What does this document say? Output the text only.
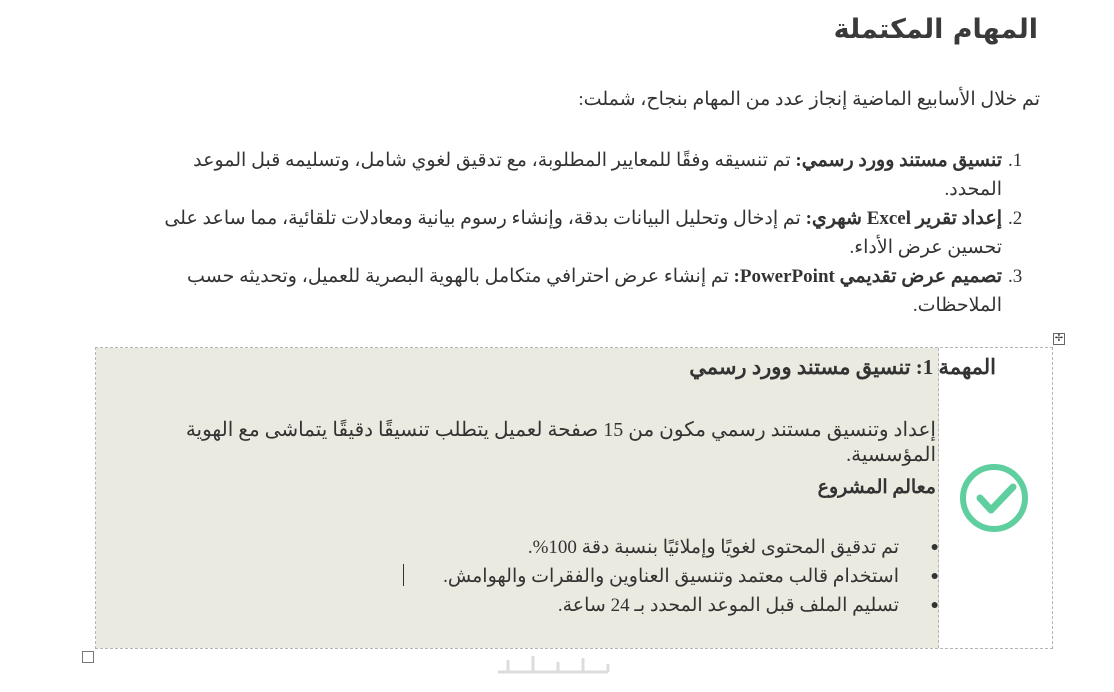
المهام المكتملة
تم خلال الأسابيع الماضية إنجاز عدد من المهام بنجاح، شملت:
.1
تنسيق مستند وورد رسمي: تم تنسيقه وفقًا للمعايير المطلوبة، مع تدقيق لغوي شامل، وتسليمه قبل الموعد المحدد.
.2
إعداد تقرير Excel شهري: تم إدخال وتحليل البيانات بدقة، وإنشاء رسوم بيانية ومعادلات تلقائية، مما ساعد على تحسين عرض الأداء.
.3
تصميم عرض تقديمي PowerPoint: تم إنشاء عرض احترافي متكامل بالهوية البصرية للعميل، وتحديثه حسب الملاحظات.
✢
المهمة 1: تنسيق مستند وورد رسمي
إعداد وتنسيق مستند رسمي مكون من 15 صفحة لعميل يتطلب تنسيقًا دقيقًا يتماشى مع الهوية المؤسسية.
معالم المشروع
●
تم تدقيق المحتوى لغويًا وإملائيًا بنسبة دقة 100%.
●
استخدام قالب معتمد وتنسيق العناوين والفقرات والهوامش.
●
تسليم الملف قبل الموعد المحدد بـ 24 ساعة.
